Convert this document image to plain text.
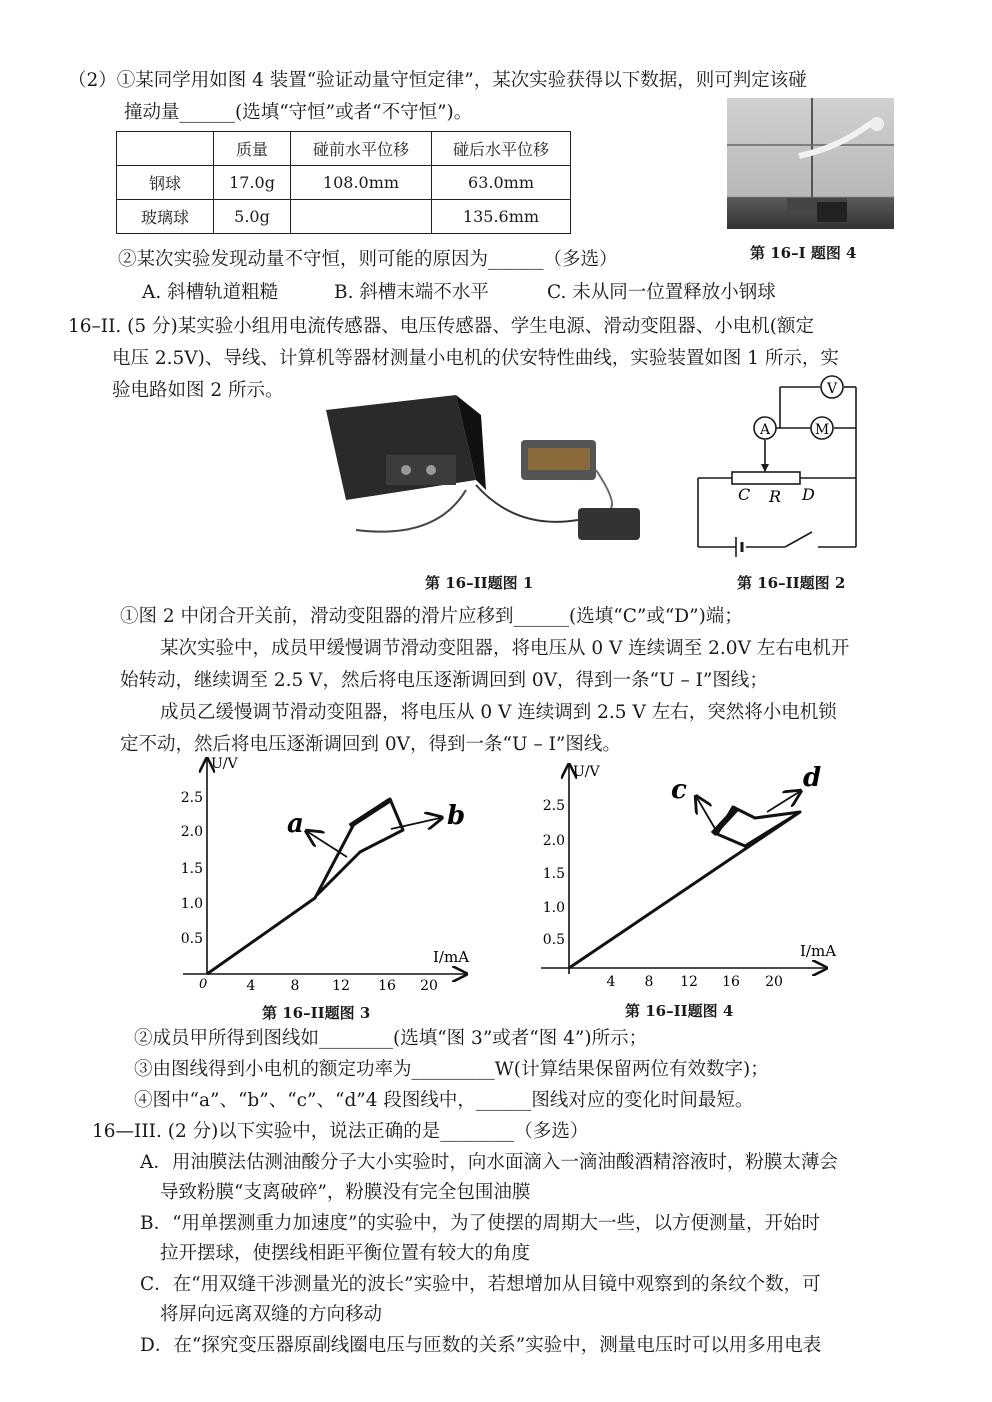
（2）①某同学用如图 4 装置“验证动量守恒定律”，某次实验获得以下数据，则可判定该碰
撞动量______(选填“守恒”或者“不守恒”)。
	质量	碰前水平位移	碰后水平位移
钢球	17.0g	108.0mm	63.0mm
玻璃球	5.0g		135.6mm
第 16–I 题图 4
②某次实验发现动量不守恒，则可能的原因为______（多选）
A. 斜槽轨道粗糙	B. 斜槽末端不水平	C. 未从同一位置释放小钢球
16–II. (5 分)某实验小组用电流传感器、电压传感器、学生电源、滑动变阻器、小电机(额定
电压 2.5V)、导线、计算机等器材测量小电机的伏安特性曲线，实验装置如图 1 所示，实
验电路如图 2 所示。
第 16–II题图 1
V
A	M
C R D
第 16–II题图 2
①图 2 中闭合开关前，滑动变阻器的滑片应移到______(选填“C”或“D”)端；
某次实验中，成员甲缓慢调节滑动变阻器，将电压从 0 V 连续调至 2.0V 左右电机开
始转动，继续调至 2.5 V，然后将电压逐渐调回到 0V，得到一条“U – I”图线；
成员乙缓慢调节滑动变阻器，将电压从 0 V 连续调到 2.5 V 左右，突然将小电机锁
定不动，然后将电压逐渐调回到 0V，得到一条“U – I”图线。
U/V
I/mA
0
0.5
1.0
1.5
2.0
2.5
4	8 12 16 20
a	b
第 16–II题图 3
U/V
I/mA
0.5
1.0
1.5
2.0
2.5
4 8 12 16 20
c	d
第 16–II题图 4
②成员甲所得到图线如________(选填“图 3”或者“图 4”)所示；
③由图线得到小电机的额定功率为_________W(计算结果保留两位有效数字)；
④图中“a”、“b”、“c”、“d”4 段图线中，______图线对应的变化时间最短。
16—III. (2 分)以下实验中，说法正确的是________（多选）
A．用油膜法估测油酸分子大小实验时，向水面滴入一滴油酸酒精溶液时，粉膜太薄会
导致粉膜“支离破碎”，粉膜没有完全包围油膜
B．“用单摆测重力加速度”的实验中，为了使摆的周期大一些，以方便测量，开始时
拉开摆球，使摆线相距平衡位置有较大的角度
C．在“用双缝干涉测量光的波长”实验中，若想增加从目镜中观察到的条纹个数，可
将屏向远离双缝的方向移动
D．在“探究变压器原副线圈电压与匝数的关系”实验中，测量电压时可以用多用电表
